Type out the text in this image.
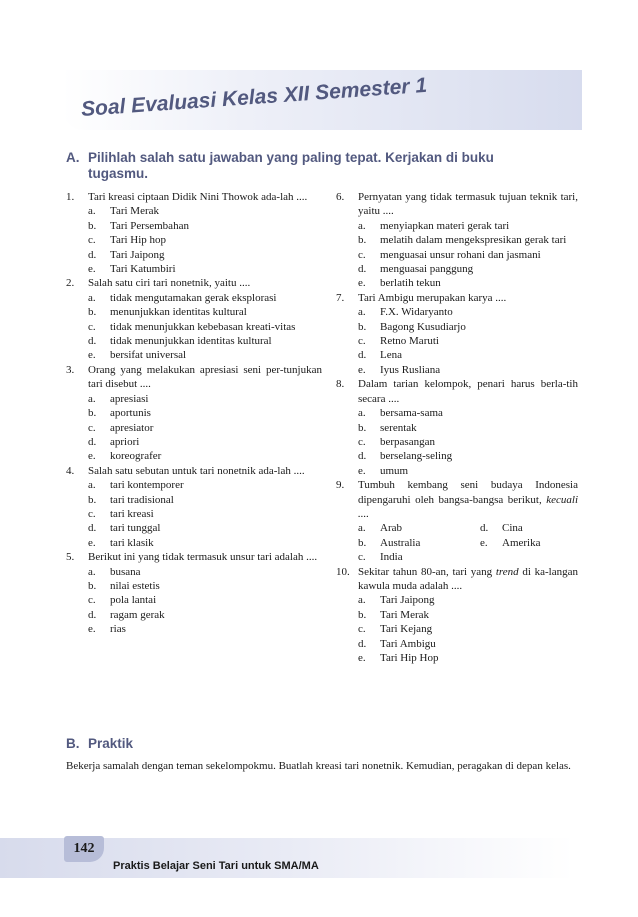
Soal Evaluasi Kelas XII Semester 1
A. Pilihlah salah satu jawaban yang paling tepat. Kerjakan di buku
tugasmu.
1. Tari kreasi ciptaan Didik Nini Thowok ada-lah ....
a. Tari Merak
b. Tari Persembahan
c. Tari Hip hop
d. Tari Jaipong
e. Tari Katumbiri
2. Salah satu ciri tari nonetnik, yaitu ....
a. tidak mengutamakan gerak eksplorasi
b. menunjukkan identitas kultural
c. tidak menunjukkan kebebasan kreati-vitas
d. tidak menunjukkan identitas kultural
e. bersifat universal
3. Orang yang melakukan apresiasi seni per-tunjukan tari disebut ....
a. apresiasi
b. aportunis
c. apresiator
d. apriori
e. koreografer
4. Salah satu sebutan untuk tari nonetnik ada-lah ....
a. tari kontemporer
b. tari tradisional
c. tari kreasi
d. tari tunggal
e. tari klasik
5. Berikut ini yang tidak termasuk unsur tari adalah ....
a. busana
b. nilai estetis
c. pola lantai
d. ragam gerak
e. rias
6. Pernyatan yang tidak termasuk tujuan teknik tari, yaitu ....
a. menyiapkan materi gerak tari
b. melatih dalam mengekspresikan gerak tari
c. menguasai unsur rohani dan jasmani
d. menguasai panggung
e. berlatih tekun
7. Tari Ambigu merupakan karya ....
a. F.X. Widaryanto
b. Bagong Kusudiarjo
c. Retno Maruti
d. Lena
e. Iyus Rusliana
8. Dalam tarian kelompok, penari harus berla-tih secara ....
a. bersama-sama
b. serentak
c. berpasangan
d. berselang-seling
e. umum
9. Tumbuh kembang seni budaya Indonesia dipengaruhi oleh bangsa-bangsa berikut, kecuali ....
a. Arab	d. Cina
b. Australia	e. Amerika
c. India
10. Sekitar tahun 80-an, tari yang trend di ka-langan kawula muda adalah ....
a. Tari Jaipong
b. Tari Merak
c. Tari Kejang
d. Tari Ambigu
e. Tari Hip Hop
B. Praktik

Bekerja samalah dengan teman sekelompokmu. Buatlah kreasi tari nonetnik. Kemudian, peragakan di depan kelas.

142
Praktis Belajar Seni Tari untuk SMA/MA
